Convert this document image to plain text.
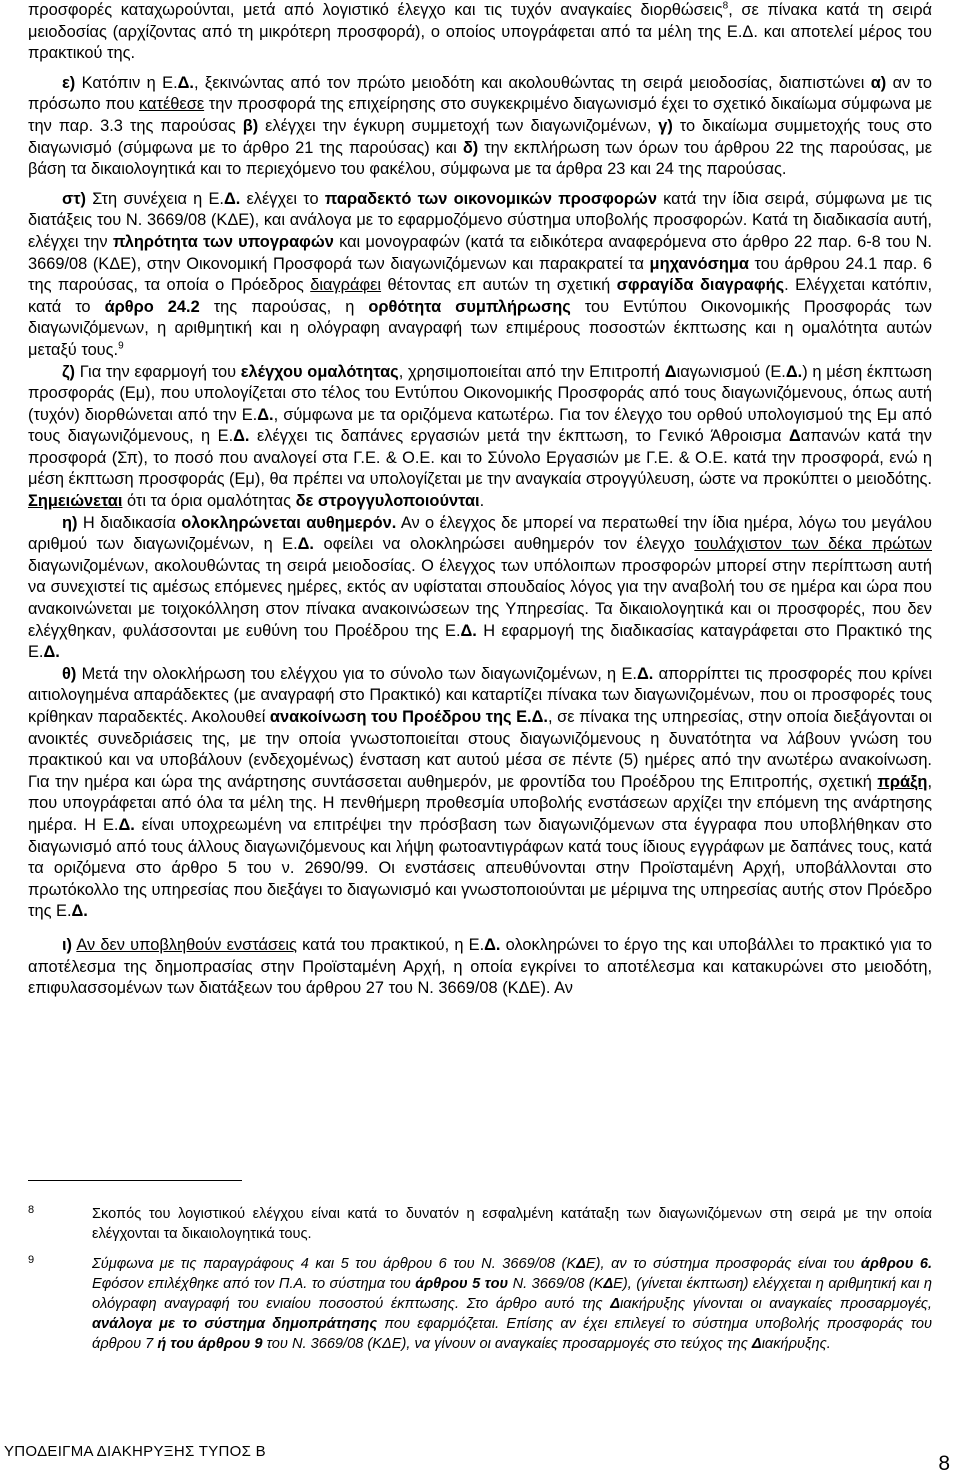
προσφορές καταχωρούνται, μετά από λογιστικό έλεγχο και τις τυχόν αναγκαίες διορθώσεις$^8$, σε πίνακα κατά τη σειρά μειοδοσίας (αρχίζοντας από τη μικρότερη προσφορά), ο οποίος υπογράφεται από τα μέλη της Ε.Δ. και αποτελεί μέρος του πρακτικού της.

ε) Κατόπιν η Ε.Δ., ξεκινώντας από τον πρώτο μειοδότη και ακολουθώντας τη σειρά μειοδοσίας, διαπιστώνει α) αν το πρόσωπο που κατέθεσε την προσφορά της επιχείρησης στο συγκεκριμένο διαγωνισμό έχει το σχετικό δικαίωμα σύμφωνα με την παρ. 3.3 της παρούσας β) ελέγχει την έγκυρη συμμετοχή των διαγωνιζομένων, γ) το δικαίωμα συμμετοχής τους στο διαγωνισμό (σύμφωνα με το άρθρο 21 της παρούσας) και δ) την εκπλήρωση των όρων του άρθρου 22 της παρούσας, με βάση τα δικαιολογητικά και το περιεχόμενο του φακέλου, σύμφωνα με τα άρθρα 23 και 24 της παρούσας.

στ) Στη συνέχεια η Ε.Δ. ελέγχει το παραδεκτό των οικονομικών προσφορών κατά την ίδια σειρά, σύμφωνα με τις διατάξεις του Ν. 3669/08 (ΚΔΕ), και ανάλογα με το εφαρμοζόμενο σύστημα υποβολής προσφορών. Κατά τη διαδικασία αυτή, ελέγχει την πληρότητα των υπογραφών και μονογραφών (κατά τα ειδικότερα αναφερόμενα στο άρθρο 22 παρ. 6-8 του Ν. 3669/08 (ΚΔΕ), στην Οικονομική Προσφορά των διαγωνιζόμενων και παρακρατεί τα μηχανόσημα του άρθρου 24.1 παρ. 6 της παρούσας, τα οποία ο Πρόεδρος διαγράφει θέτοντας επ αυτών τη σχετική σφραγίδα διαγραφής. Ελέγχεται κατόπιν, κατά το άρθρο 24.2 της παρούσας, η ορθότητα συμπλήρωσης του Εντύπου Οικονομικής Προσφοράς των διαγωνιζόμενων, η αριθμητική και η ολόγραφη αναγραφή των επιμέρους ποσοστών έκπτωσης και η ομαλότητα αυτών μεταξύ τους.$^9$

ζ) Για την εφαρμογή του ελέγχου ομαλότητας, χρησιμοποιείται από την Επιτροπή Διαγωνισμού (Ε.Δ.) η μέση έκπτωση προσφοράς (Εμ), που υπολογίζεται στο τέλος του Εντύπου Οικονομικής Προσφοράς από τους διαγωνιζόμενους, όπως αυτή (τυχόν) διορθώνεται από την Ε.Δ., σύμφωνα με τα οριζόμενα κατωτέρω. Για τον έλεγχο του ορθού υπολογισμού της Εμ από τους διαγωνιζόμενους, η Ε.Δ. ελέγχει τις δαπάνες εργασιών μετά την έκπτωση, το Γενικό Άθροισμα Δαπανών κατά την προσφορά (Σπ), το ποσό που αναλογεί στα Γ.Ε. & Ο.Ε. και το Σύνολο Εργασιών με Γ.Ε. & Ο.Ε. κατά την προσφορά, ενώ η μέση έκπτωση προσφοράς (Εμ), θα πρέπει να υπολογίζεται με την αναγκαία στρογγύλευση, ώστε να προκύπτει ο μειοδότης. Σημειώνεται ότι τα όρια ομαλότητας δε στρογγυλοποιούνται.

η) Η διαδικασία ολοκληρώνεται αυθημερόν. Αν ο έλεγχος δε μπορεί να περατωθεί την ίδια ημέρα, λόγω του μεγάλου αριθμού των διαγωνιζομένων, η Ε.Δ. οφείλει να ολοκληρώσει αυθημερόν τον έλεγχο τουλάχιστον των δέκα πρώτων διαγωνιζομένων, ακολουθώντας τη σειρά μειοδοσίας. Ο έλεγχος των υπόλοιπων προσφορών μπορεί στην περίπτωση αυτή να συνεχιστεί τις αμέσως επόμενες ημέρες, εκτός αν υφίσταται σπουδαίος λόγος για την αναβολή του σε ημέρα και ώρα που ανακοινώνεται με τοιχοκόλληση στον πίνακα ανακοινώσεων της Υπηρεσίας. Τα δικαιολογητικά και οι προσφορές, που δεν ελέγχθηκαν, φυλάσσονται με ευθύνη του Προέδρου της Ε.Δ. Η εφαρμογή της διαδικασίας καταγράφεται στο Πρακτικό της Ε.Δ.

θ) Μετά την ολοκλήρωση του ελέγχου για το σύνολο των διαγωνιζομένων, η Ε.Δ. απορρίπτει τις προσφορές που κρίνει αιτιολογημένα απαράδεκτες (με αναγραφή στο Πρακτικό) και καταρτίζει πίνακα των διαγωνιζομένων, που οι προσφορές τους κρίθηκαν παραδεκτές. Ακολουθεί ανακοίνωση του Προέδρου της Ε.Δ., σε πίνακα της υπηρεσίας, στην οποία διεξάγονται οι ανοικτές συνεδριάσεις της, με την οποία γνωστοποιείται στους διαγωνιζόμενους η δυνατότητα να λάβουν γνώση του πρακτικού και να υποβάλουν (ενδεχομένως) ένσταση κατ αυτού μέσα σε πέντε (5) ημέρες από την ανωτέρω ανακοίνωση. Για την ημέρα και ώρα της ανάρτησης συντάσσεται αυθημερόν, με φροντίδα του Προέδρου της Επιτροπής, σχετική πράξη, που υπογράφεται από όλα τα μέλη της. Η πενθήμερη προθεσμία υποβολής ενστάσεων αρχίζει την επόμενη της ανάρτησης ημέρα. Η Ε.Δ. είναι υποχρεωμένη να επιτρέψει την πρόσβαση των διαγωνιζόμενων στα έγγραφα που υποβλήθηκαν στο διαγωνισμό από τους άλλους διαγωνιζόμενους και λήψη φωτοαντιγράφων κατά τους ίδιους εγγράφων με δαπάνες τους, κατά τα οριζόμενα στο άρθρο 5 του ν. 2690/99. Οι ενστάσεις απευθύνονται στην Προϊσταμένη Αρχή, υποβάλλονται στο πρωτόκολλο της υπηρεσίας που διεξάγει το διαγωνισμό και γνωστοποιούνται με μέριμνα της υπηρεσίας αυτής στον Πρόεδρο της Ε.Δ.

ι) Αν δεν υποβληθούν ενστάσεις κατά του πρακτικού, η Ε.Δ. ολοκληρώνει το έργο της και υποβάλλει το πρακτικό για το αποτέλεσμα της δημοπρασίας στην Προϊσταμένη Αρχή, η οποία εγκρίνει το αποτέλεσμα και κατακυρώνει στο μειοδότη, επιφυλασσομένων των διατάξεων του άρθρου 27 του Ν. 3669/08 (ΚΔΕ). Αν

8	Σκοπός του λογιστικού ελέγχου είναι κατά το δυνατόν η εσφαλμένη κατάταξη των διαγωνιζόμενων στη σειρά με την οποία ελέγχονται τα δικαιολογητικά τους.

9	Σύμφωνα με τις παραγράφους 4 και 5 του άρθρου 6 του Ν. 3669/08 (ΚΔΕ), αν το σύστημα προσφοράς είναι του άρθρου 6. Εφόσον επιλέχθηκε από τον Π.Α. το σύστημα του άρθρου 5 του Ν. 3669/08 (ΚΔΕ), (γίνεται έκπτωση) ελέγχεται η αριθμητική και η ολόγραφη αναγραφή του ενιαίου ποσοστού έκπτωσης. Στο άρθρο αυτό της Διακήρυξης γίνονται οι αναγκαίες προσαρμογές, ανάλογα με το σύστημα δημοπράτησης που εφαρμόζεται. Επίσης αν έχει επιλεγεί το σύστημα υποβολής προσφοράς του άρθρου 7 ή του άρθρου 9 του Ν. 3669/08 (ΚΔΕ), να γίνουν οι αναγκαίες προσαρμογές στο τεύχος της Διακήρυξης.

ΥΠΟΔΕΙΓΜΑ ΔΙΑΚΗΡΥΞΗΣ ΤΥΠΟΣ Β
8
